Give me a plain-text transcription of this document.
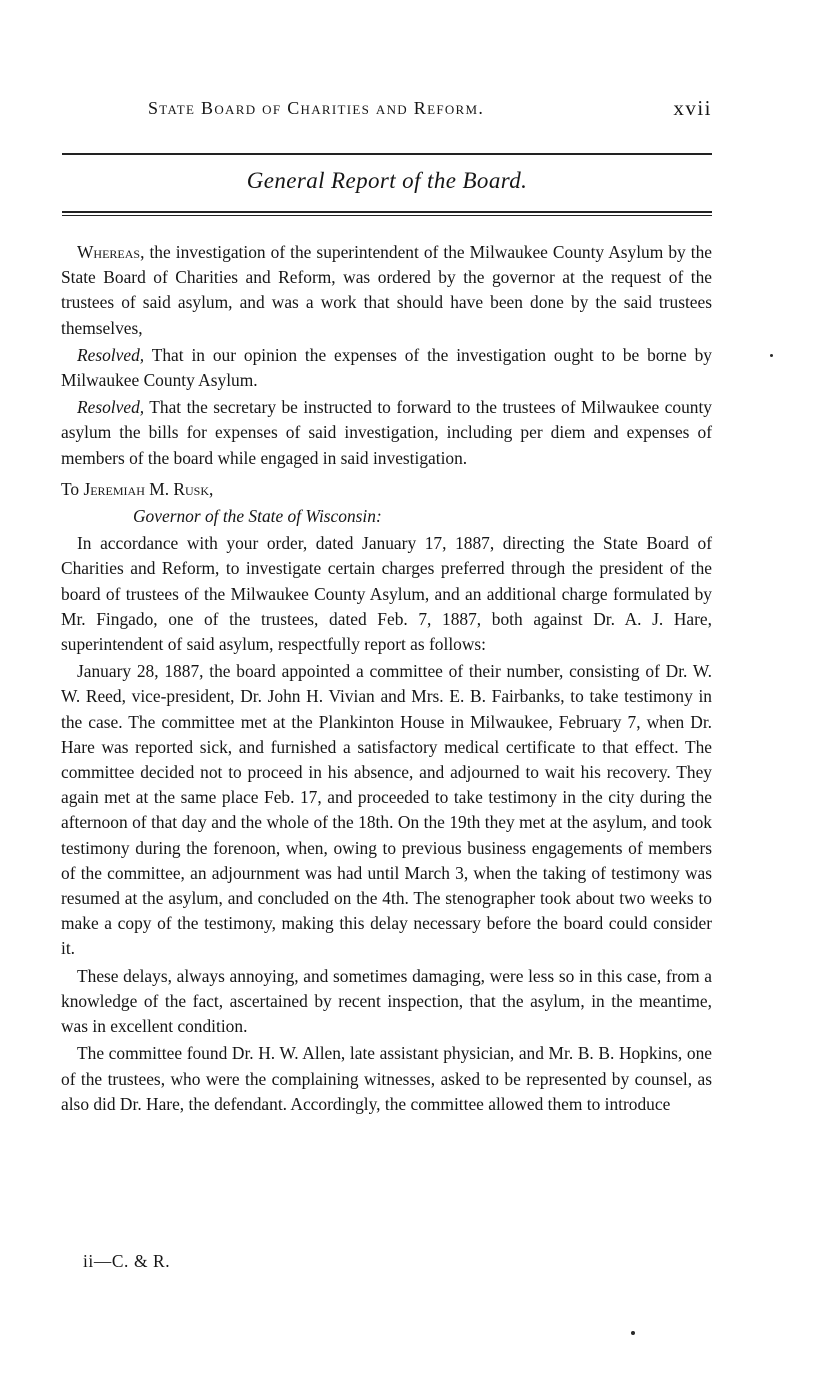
State Board of Charities and Reform.	xvii
General Report of the Board.

Whereas, the investigation of the superintendent of the Milwaukee County Asylum by the State Board of Charities and Reform, was ordered by the governor at the request of the trustees of said asylum, and was a work that should have been done by the said trustees themselves,

Resolved, That in our opinion the expenses of the investigation ought to be borne by Milwaukee County Asylum.

Resolved, That the secretary be instructed to forward to the trustees of Milwaukee county asylum the bills for expenses of said investigation, including per diem and expenses of members of the board while engaged in said investigation.

To Jeremiah M. Rusk,

Governor of the State of Wisconsin:

In accordance with your order, dated January 17, 1887, directing the State Board of Charities and Reform, to investigate certain charges preferred through the president of the board of trustees of the Milwaukee County Asylum, and an additional charge formulated by Mr. Fingado, one of the trustees, dated Feb. 7, 1887, both against Dr. A. J. Hare, superintendent of said asylum, respectfully report as follows:

January 28, 1887, the board appointed a committee of their number, consisting of Dr. W. W. Reed, vice-president, Dr. John H. Vivian and Mrs. E. B. Fairbanks, to take testimony in the case. The committee met at the Plankinton House in Milwaukee, February 7, when Dr. Hare was reported sick, and furnished a satisfactory medical certificate to that effect. The committee decided not to proceed in his absence, and adjourned to wait his recovery. They again met at the same place Feb. 17, and proceeded to take testimony in the city during the afternoon of that day and the whole of the 18th. On the 19th they met at the asylum, and took testimony during the forenoon, when, owing to previous business engagements of members of the committee, an adjournment was had until March 3, when the taking of testimony was resumed at the asylum, and concluded on the 4th. The stenographer took about two weeks to make a copy of the testimony, making this delay necessary before the board could consider it.

These delays, always annoying, and sometimes damaging, were less so in this case, from a knowledge of the fact, ascertained by recent inspection, that the asylum, in the meantime, was in excellent condition.

The committee found Dr. H. W. Allen, late assistant physician, and Mr. B. B. Hopkins, one of the trustees, who were the complaining witnesses, asked to be represented by counsel, as also did Dr. Hare, the defendant. Accordingly, the committee allowed them to introduce

ii—C. & R.
